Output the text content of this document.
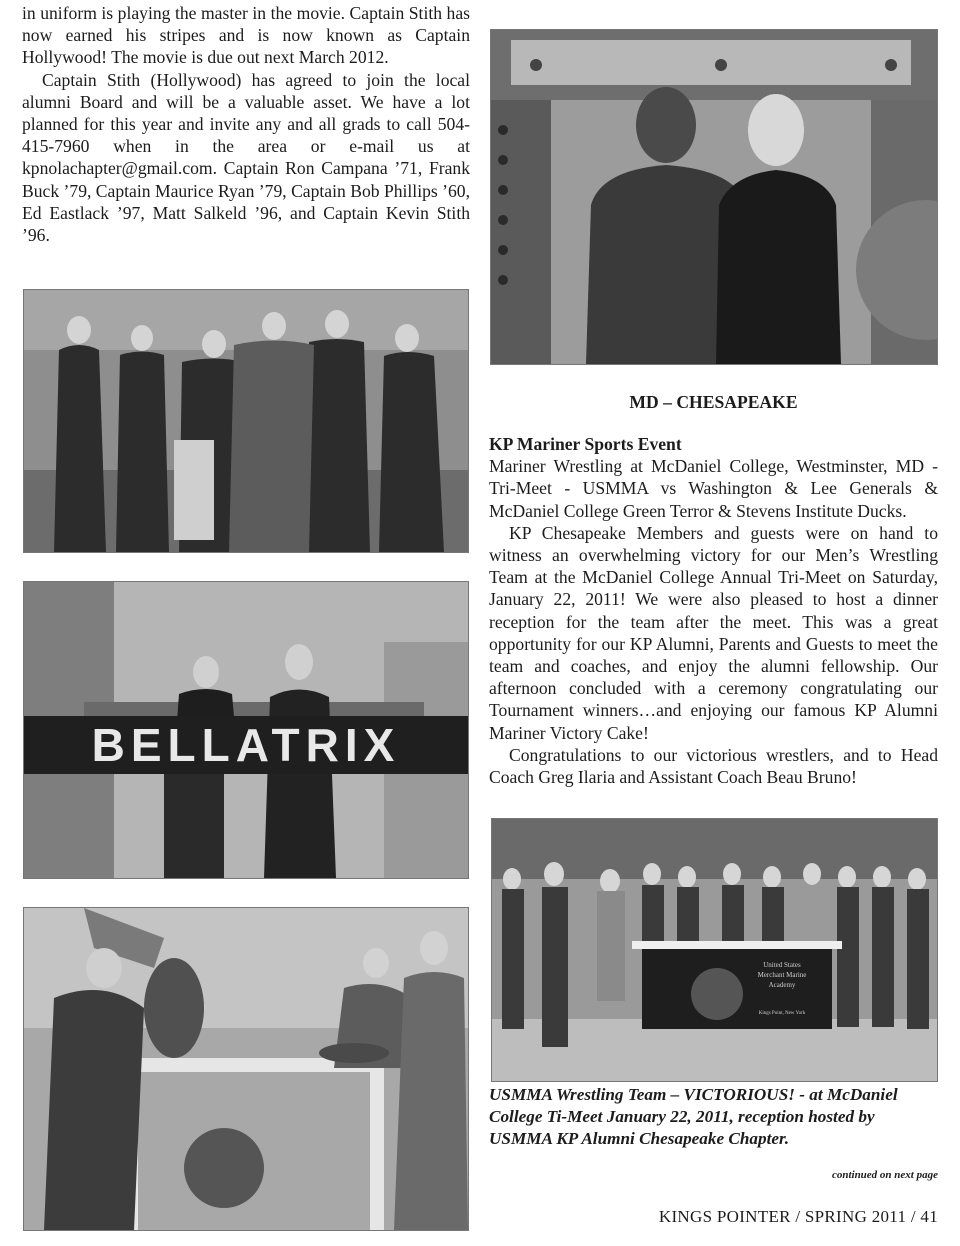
in uniform is playing the master in the movie. Captain Stith has now earned his stripes and is now known as Captain Hollywood! The movie is due out next March 2012.

Captain Stith (Hollywood) has agreed to join the local alumni Board and will be a valuable asset. We have a lot planned for this year and invite any and all grads to call 504-415-7960 when in the area or e-mail us at kpnolachapter@gmail.com. Captain Ron Campana ’71, Frank Buck ’79, Captain Maurice Ryan ’79, Captain Bob Phillips ’60, Ed Eastlack ’97, Matt Salkeld ’96, and Captain Kevin Stith ’96.

MD – CHESAPEAKE

KP Mariner Sports Event

Mariner Wrestling at McDaniel College, Westminster, MD - Tri-Meet - USMMA vs Washington & Lee Generals & McDaniel College Green Terror & Stevens Institute Ducks.

KP Chesapeake Members and guests were on hand to witness an overwhelming victory for our Men’s Wrestling Team at the McDaniel College Annual Tri-Meet on Saturday, January 22, 2011! We were also pleased to host a dinner reception for the team after the meet. This was a great opportunity for our KP Alumni, Parents and Guests to meet the team and coaches, and enjoy the alumni fellowship. Our afternoon concluded with a ceremony congratulating our Tournament winners…and enjoying our famous KP Alumni Mariner Victory Cake!

Congratulations to our victorious wrestlers, and to Head Coach Greg Ilaria and Assistant Coach Beau Bruno!

BELLATRIX
United States
Merchant Marine
Academy
Kings Point, New York
USMMA Wrestling Team – VICTORIOUS! - at McDaniel College Ti-Meet January 22, 2011, reception hosted by USMMA KP Alumni Chesapeake Chapter.
continued on next page
KINGS POINTER / SPRING 2011 / 41
